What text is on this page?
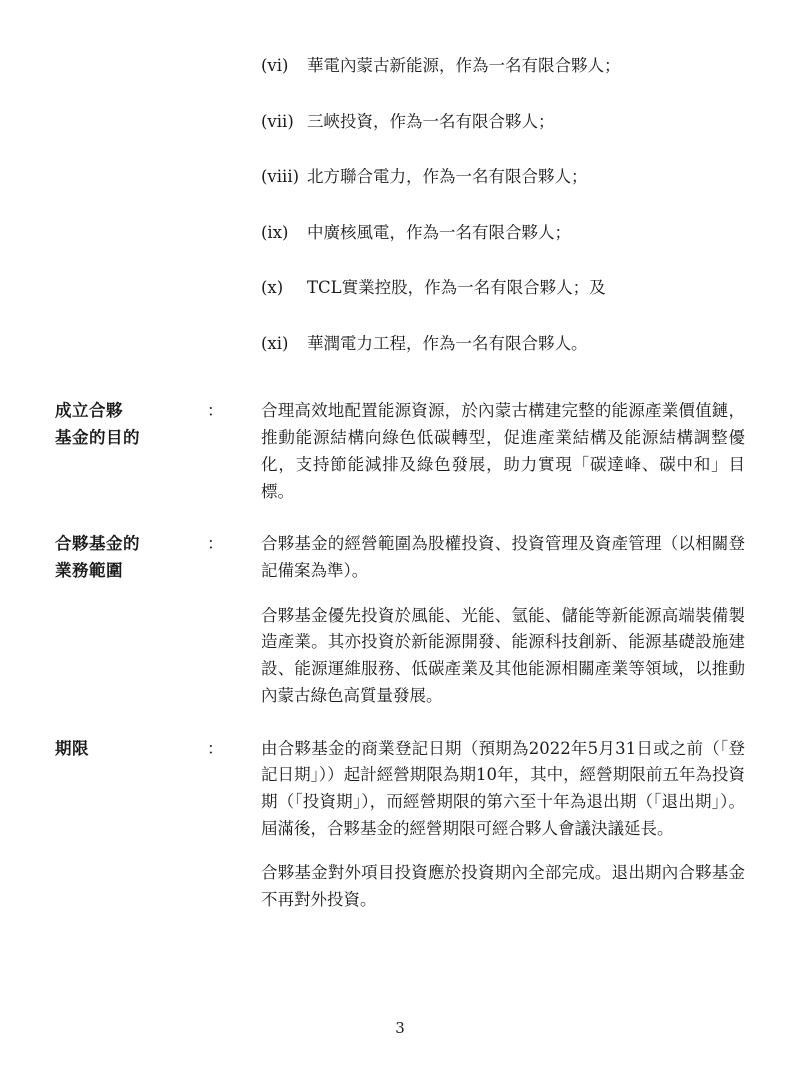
(vi)	華電內蒙古新能源，作為一名有限合夥人；
(vii) 三峽投資，作為一名有限合夥人；
(viii) 北方聯合電力，作為一名有限合夥人；
(ix)	中廣核風電，作為一名有限合夥人；
(x)	TCL實業控股，作為一名有限合夥人；及
(xi)	華潤電力工程，作為一名有限合夥人。
成立合夥
基金的目的
：	合理高效地配置能源資源，於內蒙古構建完整的能源產業價值鏈，推動能源結構向綠色低碳轉型，促進產業結構及能源結構調整優化，支持節能減排及綠色發展，助力實現「碳達峰、碳中和」目標。

合夥基金的
業務範圍
：	合夥基金的經營範圍為股權投資、投資管理及資產管理（以相關登記備案為準）。

合夥基金優先投資於風能、光能、氫能、儲能等新能源高端裝備製造產業。其亦投資於新能源開發、能源科技創新、能源基礎設施建設、能源運維服務、低碳產業及其他能源相關產業等領域，以推動內蒙古綠色高質量發展。

期限	：	由合夥基金的商業登記日期（預期為2022年5月31日或之前（「登記日期」））起計經營期限為期10年，其中，經營期限前五年為投資期（「投資期」），而經營期限的第六至十年為退出期（「退出期」）。屆滿後，合夥基金的經營期限可經合夥人會議決議延長。

合夥基金對外項目投資應於投資期內全部完成。退出期內合夥基金不再對外投資。

3
